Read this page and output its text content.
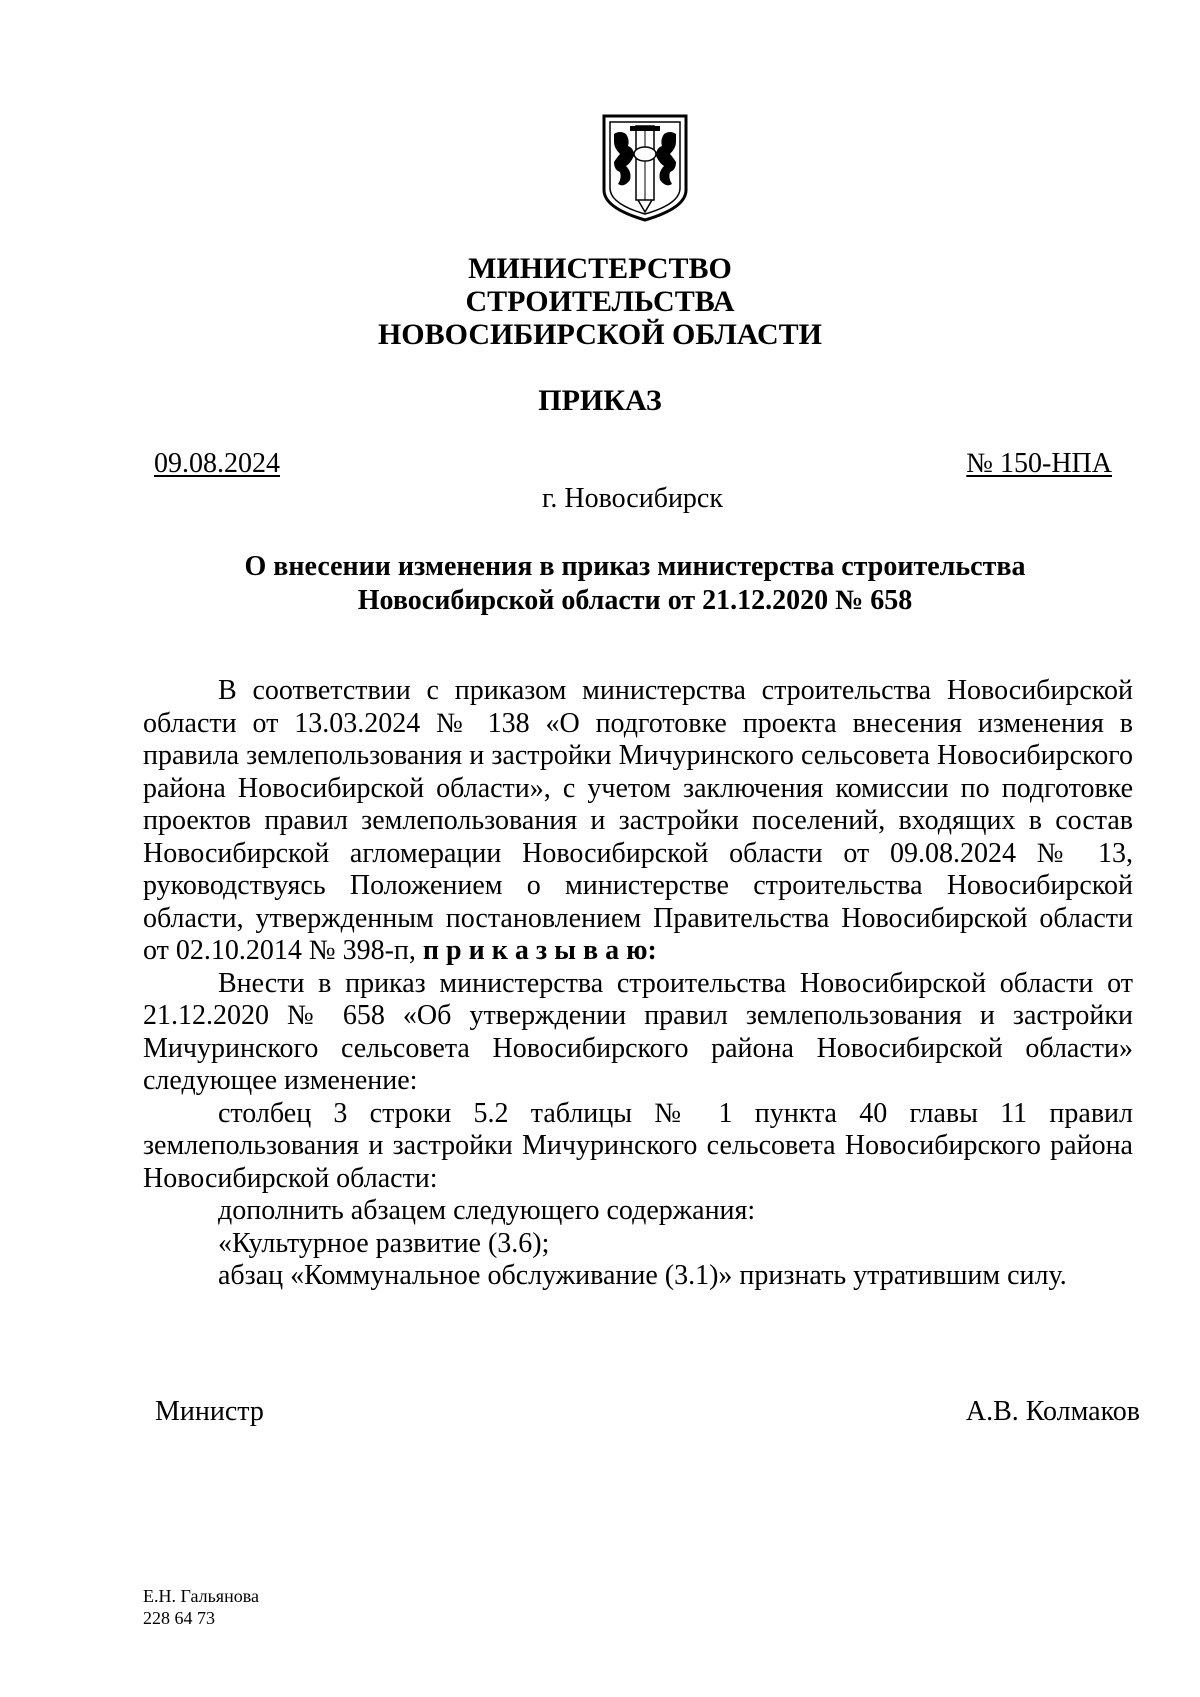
МИНИСТЕРСТВО
СТРОИТЕЛЬСТВА
НОВОСИБИРСКОЙ ОБЛАСТИ
ПРИКАЗ
09.08.2024	№ 150-НПА
г. Новосибирск
О внесении изменения в приказ министерства строительства
Новосибирской области от 21.12.2020 № 658

В соответствии с приказом министерства строительства Новосибирской области от 13.03.2024 № 138 «О подготовке проекта внесения изменения в правила землепользования и застройки Мичуринского сельсовета Новосибирского района Новосибирской области», с учетом заключения комиссии по подготовке проектов правил землепользования и застройки поселений, входящих в состав Новосибирской агломерации Новосибирской области от 09.08.2024 № 13, руководствуясь Положением о министерстве строительства Новосибирской области, утвержденным постановлением Правительства Новосибирской области от 02.10.2014 № 398-п, п р и к а з ы в а ю:

Внести в приказ министерства строительства Новосибирской области от 21.12.2020 № 658 «Об утверждении правил землепользования и застройки Мичуринского сельсовета Новосибирского района Новосибирской области» следующее изменение:

столбец 3 строки 5.2 таблицы № 1 пункта 40 главы 11 правил землепользования и застройки Мичуринского сельсовета Новосибирского района Новосибирской области:

дополнить абзацем следующего содержания:

«Культурное развитие (3.6);

абзац «Коммунальное обслуживание (3.1)» признать утратившим силу.

Министр	А.В. Колмаков
Е.Н. Гальянова
228 64 73
